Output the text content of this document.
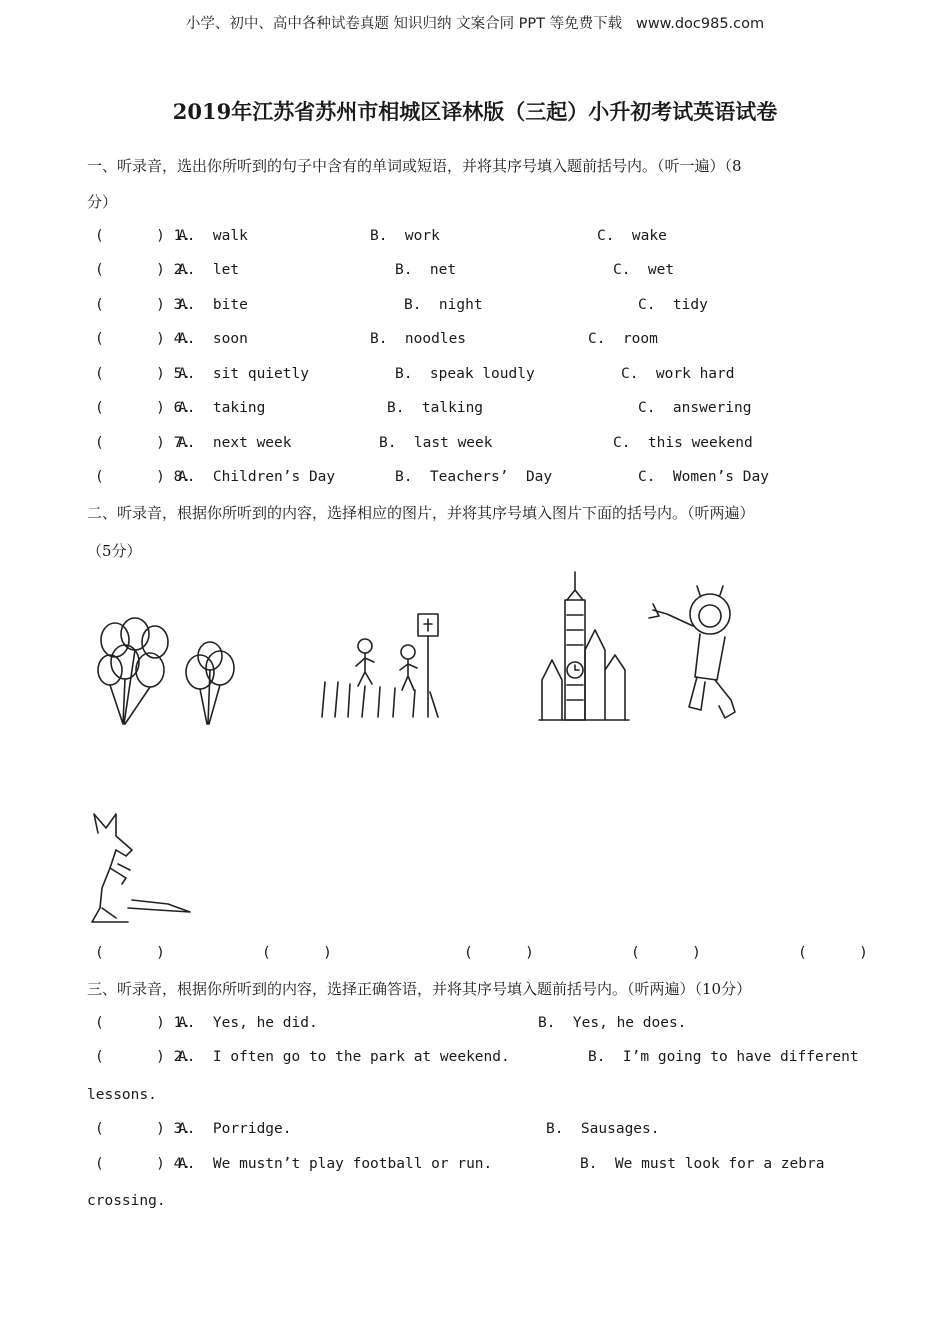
小学、初中、高中各种试卷真题 知识归纳 文案合同 PPT 等免费下载   www.doc985.com
2019年江苏省苏州市相城区译林版（三起）小升初考试英语试卷
一、听录音，选出你所听到的句子中含有的单词或短语，并将其序号填入题前括号内。（听一遍）（8
分）
(      ) 1.
A.  walk	B.  work	C.  wake
(      ) 2.
A.  let	B.  net	C.  wet
(      ) 3.
A.  bite	B.  night	C.  tidy
(      ) 4.
A.  soon	B.  noodles	C.  room
(      ) 5.
A.  sit quietly	B.  speak loudly	C.  work hard
(      ) 6.
A.  taking	B.  talking	C.  answering
(      ) 7.
A.  next week	B.  last week	C.  this weekend
(      ) 8.
A.  Children’s Day	B.  Teachers’  Day	C.  Women’s Day
二、听录音，根据你所听到的内容，选择相应的图片，并将其序号填入图片下面的括号内。（听两遍）
（5分）
(      )	(      )	(      )	(      )	(      )
三、听录音，根据你所听到的内容，选择正确答语，并将其序号填入题前括号内。（听两遍）（10分）
(      ) 1.
A.  Yes, he did.	B.  Yes, he does.
(      ) 2.
A.  I often go to the park at weekend.	B.  I’m going to have different
lessons.
(      ) 3.
A.  Porridge.	B.  Sausages.
(      ) 4.
A.  We mustn’t play football or run.	B.  We must look for a zebra
crossing.
